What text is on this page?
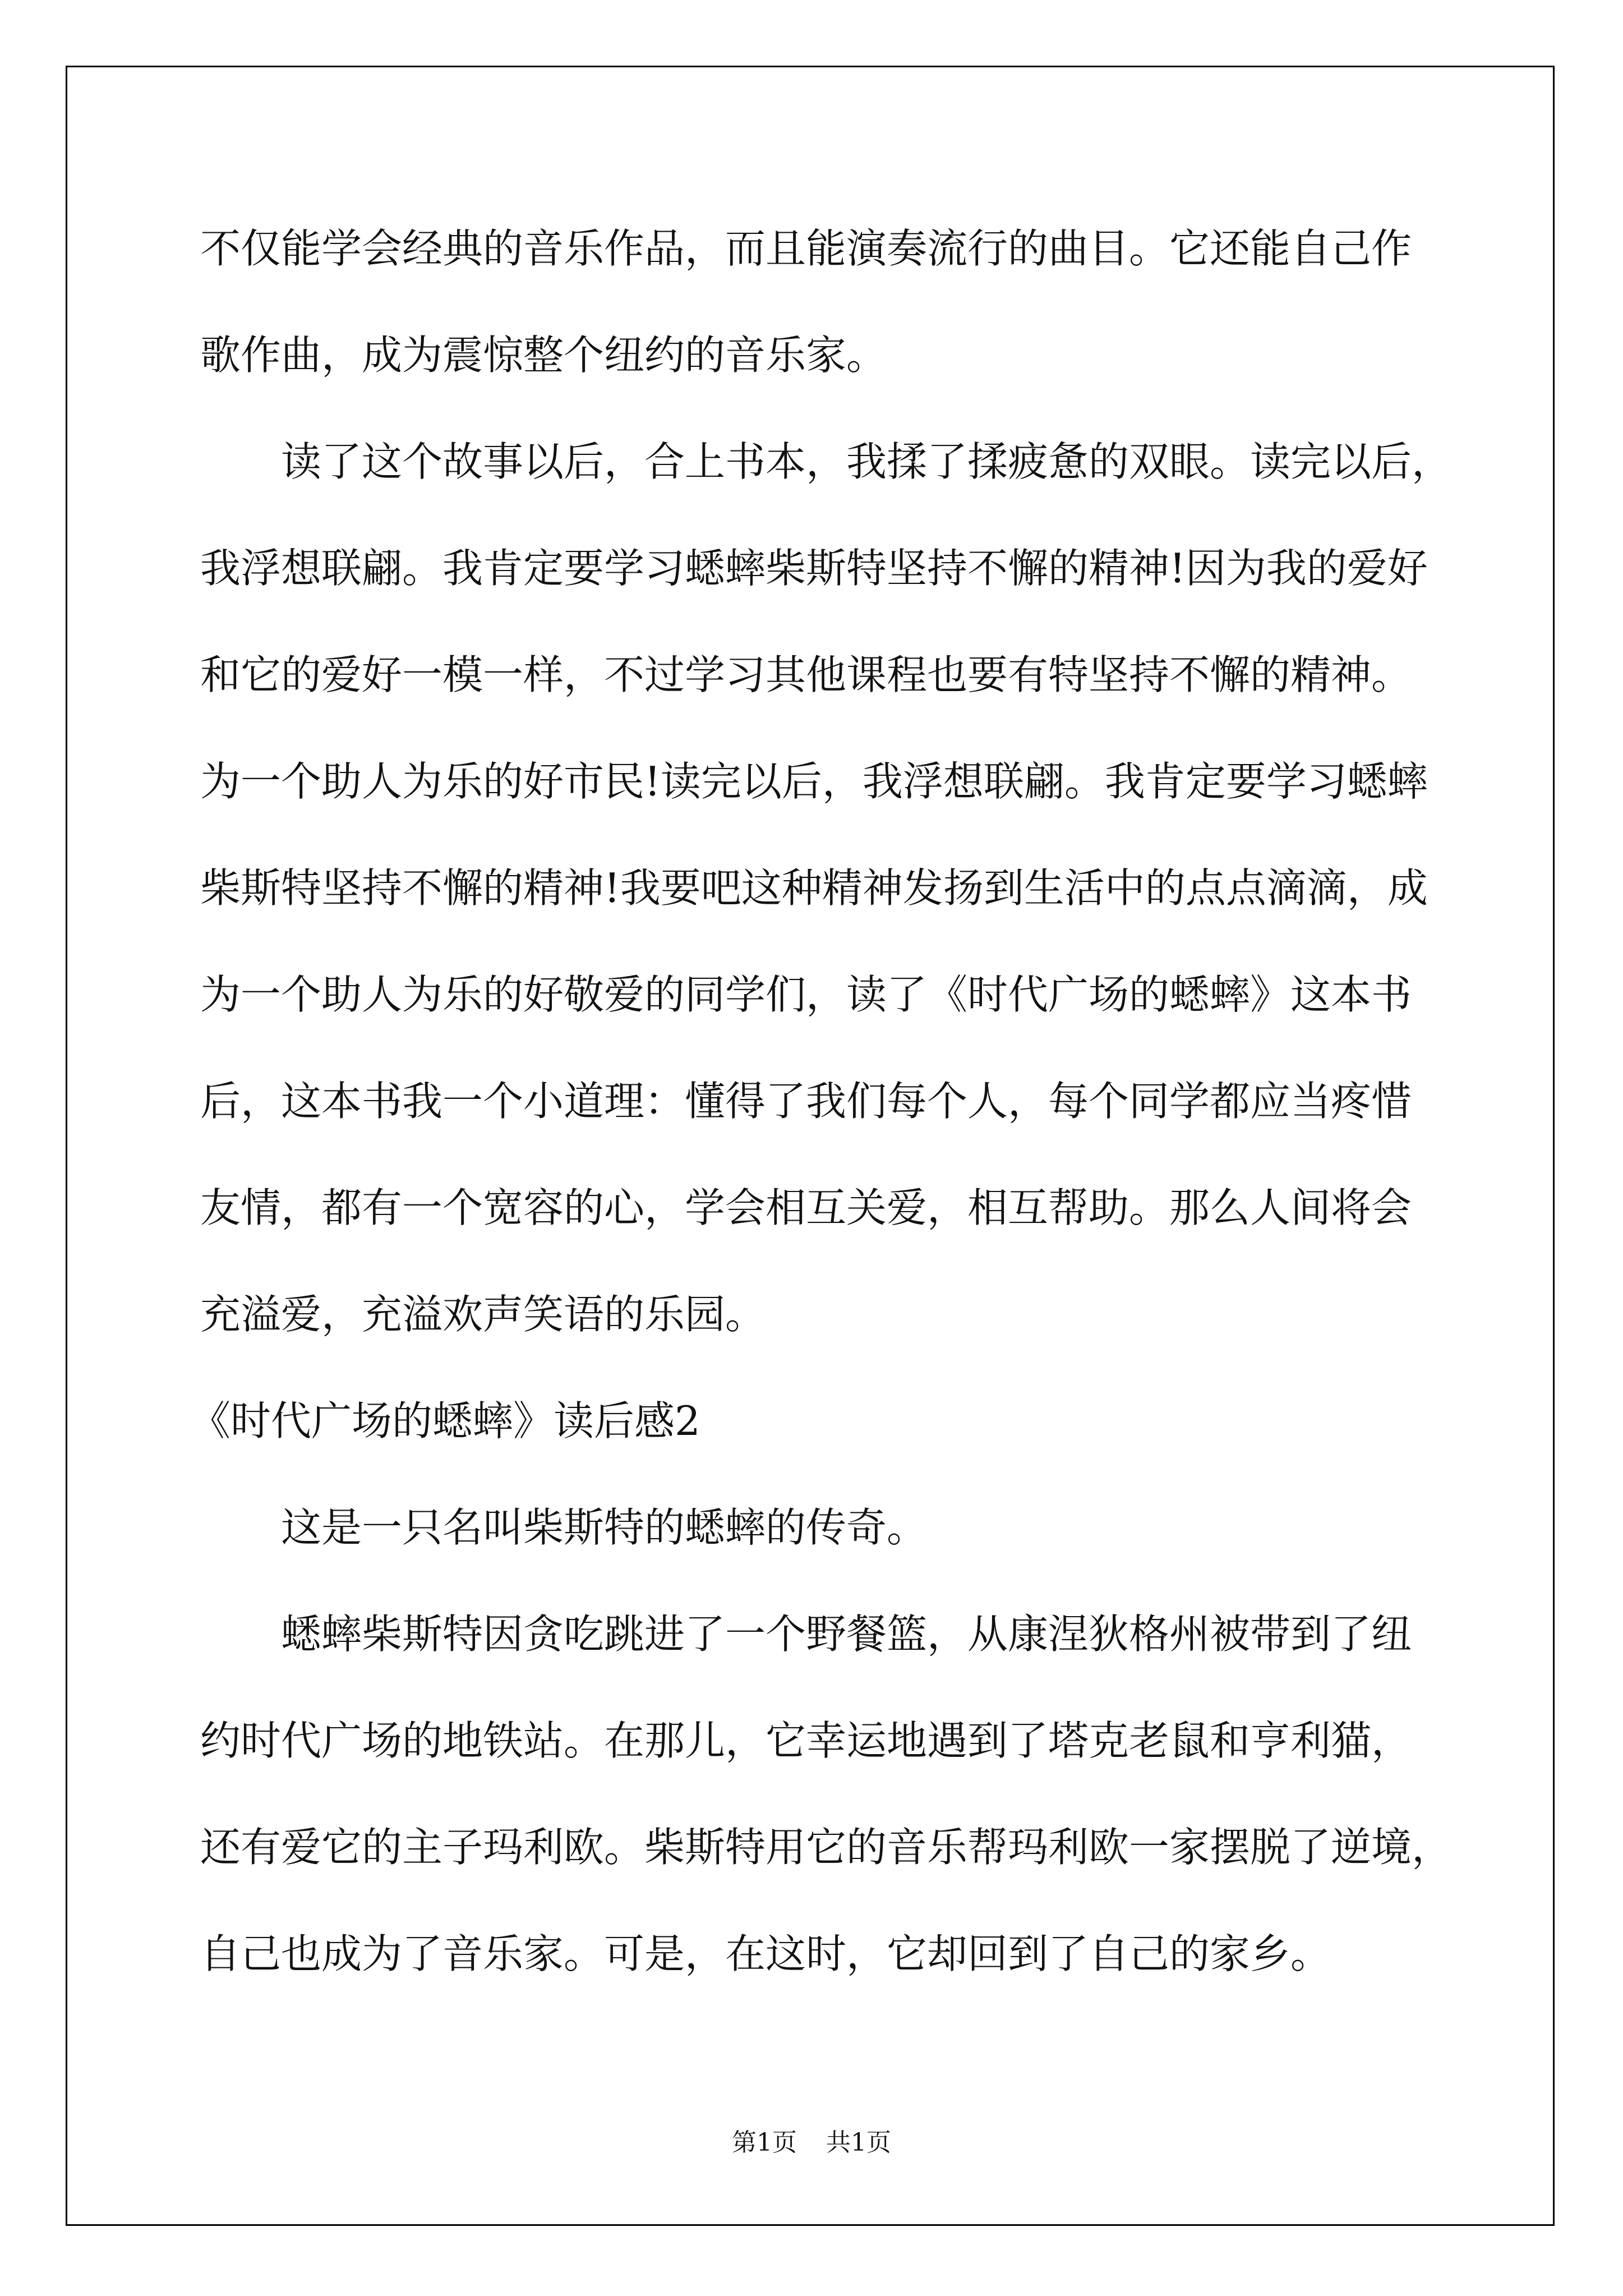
不仅能学会经典的音乐作品，而且能演奏流行的曲目。它还能自己作
歌作曲，成为震惊整个纽约的音乐家。
读了这个故事以后，合上书本，我揉了揉疲惫的双眼。读完以后，
我浮想联翩。我肯定要学习蟋蟀柴斯特坚持不懈的精神!因为我的爱好
和它的爱好一模一样，不过学习其他课程也要有特坚持不懈的精神。
为一个助人为乐的好市民!读完以后，我浮想联翩。我肯定要学习蟋蟀
柴斯特坚持不懈的精神!我要吧这种精神发扬到生活中的点点滴滴，成
为一个助人为乐的好敬爱的同学们，读了《时代广场的蟋蟀》这本书
后，这本书我一个小道理：懂得了我们每个人，每个同学都应当疼惜
友情，都有一个宽容的心，学会相互关爱，相互帮助。那么人间将会
充溢爱，充溢欢声笑语的乐园。
《时代广场的蟋蟀》读后感2
这是一只名叫柴斯特的蟋蟀的传奇。
蟋蟀柴斯特因贪吃跳进了一个野餐篮，从康涅狄格州被带到了纽
约时代广场的地铁站。在那儿，它幸运地遇到了塔克老鼠和亨利猫，
还有爱它的主子玛利欧。柴斯特用它的音乐帮玛利欧一家摆脱了逆境，
自己也成为了音乐家。可是，在这时，它却回到了自己的家乡。
第1页 共1页
